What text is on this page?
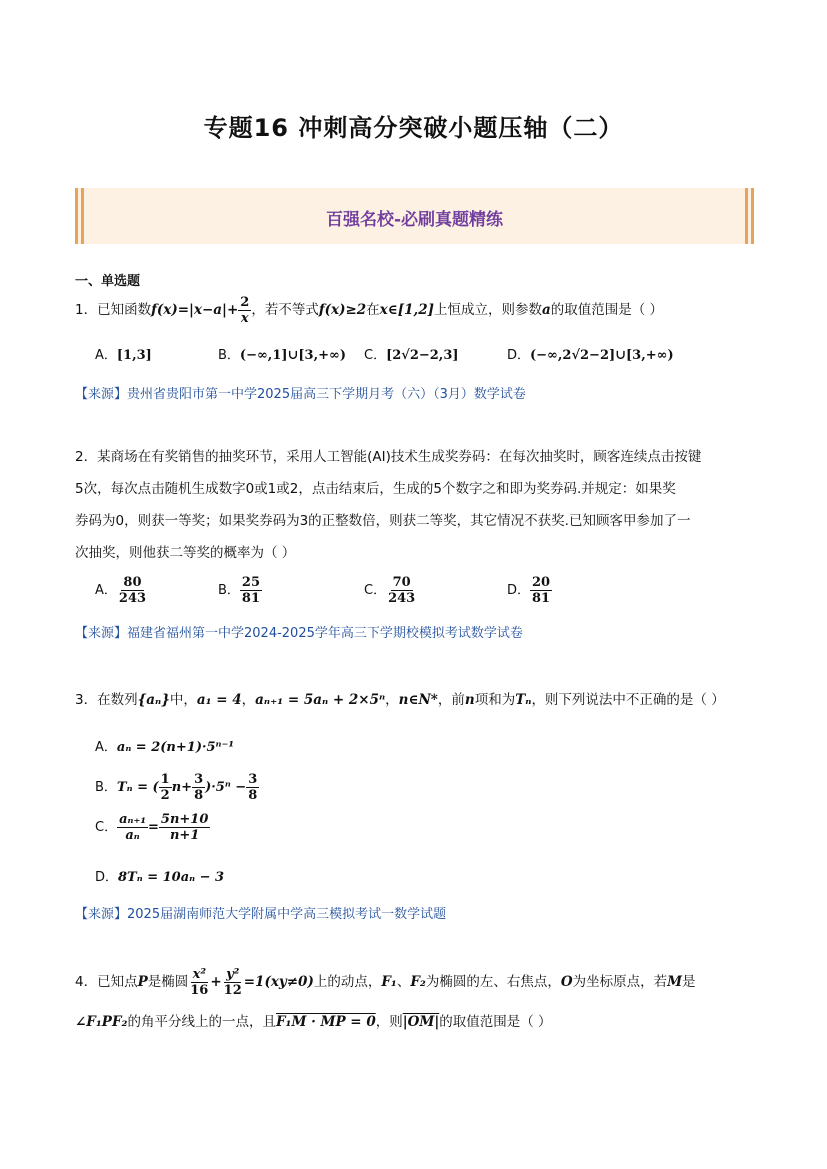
专题16 冲刺高分突破小题压轴（二）
百强名校-必刷真题精练
一、单选题
1．已知函数$f(x)=|x-a|+ \frac{2}{x}$ ，若不等式f(x)≥2在x∈[1,2]上恒成立，则参数a的取值范围是（ ）
A．[1,3]	B．(−∞,1]∪[3,+∞) C．[2√2−2,3]	D．(−∞,2√2−2]∪[3,+∞)
【来源】贵州省贵阳市第一中学2025届高三下学期月考（六）（3月）数学试卷
2．某商场在有奖销售的抽奖环节，采用人工智能(AI)技术生成奖券码：在每次抽奖时，顾客连续点击按键
5次，每次点击随机生成数字0或1或2，点击结束后，生成的5个数字之和即为奖券码.并规定：如果奖
券码为0，则获一等奖；如果奖券码为3的正整数倍，则获二等奖，其它情况不获奖.已知顾客甲参加了一
次抽奖，则他获二等奖的概率为（ ）
A． $\frac{80}{243}$	B． $\frac{25}{81}$	C． $\frac{70}{243}$	D． $\frac{20}{81}$
【来源】福建省福州第一中学2024-2025学年高三下学期校模拟考试数学试卷
3．在数列{aₙ}中，a₁ = 4，aₙ₊₁ = 5aₙ + 2×5ⁿ，n∈N*，前n项和为Tₙ，则下列说法中不正确的是（ ）
A．aₙ = 2(n+1)·5ⁿ⁻¹
B．Tₙ = ( $\frac{1}{2} n+ \frac{3}{8} )\cdot 5^n - \frac{3}{8}$
C． $\frac{\text{aₙ₊₁}}{\text{aₙ}} = \frac{5n+10}{n+1}$
D．8Tₙ = 10aₙ − 3
【来源】2025届湖南师范大学附属中学高三模拟考试一数学试题
4．已知点P是椭圆 $\frac{\text{x²}}{16} + \frac{\text{y²}}{12} =1(xy\ne 0)$上的动点，F₁、F₂为椭圆的左、右焦点，O为坐标原点，若M是
∠F₁PF₂的角平分线上的一点，且F₁M · MP = 0，则|OM|的取值范围是（ ）
